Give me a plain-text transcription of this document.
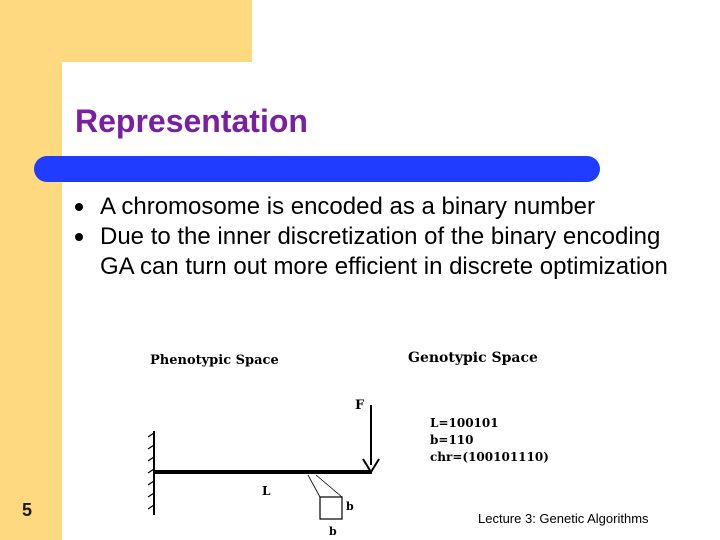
Representation
A chromosome is encoded as a binary number
Due to the inner discretization of the binary encoding GA can turn out more efficient in discrete optimization
Phenotypic Space	Genotypic Space
F
L
b
b
L=100101
b=110
chr=(100101110)
5	Lecture 3: Genetic Algorithms
